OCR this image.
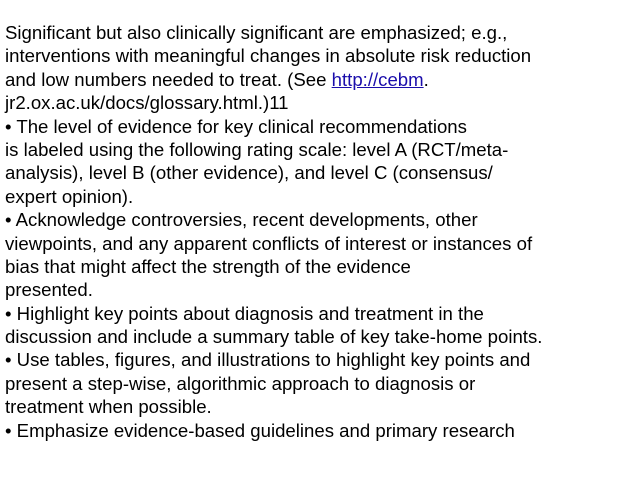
Significant but also clinically significant are emphasized; e.g.,
interventions with meaningful changes in absolute risk reduction
and low numbers needed to treat. (See http://cebm.
jr2.ox.ac.uk/docs/glossary.html.)11
• The level of evidence for key clinical recommendations
is labeled using the following rating scale: level A (RCT/meta-
analysis), level B (other evidence), and level C (consensus/
expert opinion).
• Acknowledge controversies, recent developments, other
viewpoints, and any apparent conflicts of interest or instances of
bias that might affect the strength of the evidence
presented.
• Highlight key points about diagnosis and treatment in the
discussion and include a summary table of key take-home points.
• Use tables, figures, and illustrations to highlight key points and
present a step-wise, algorithmic approach to diagnosis or
treatment when possible.
• Emphasize evidence-based guidelines and primary research
